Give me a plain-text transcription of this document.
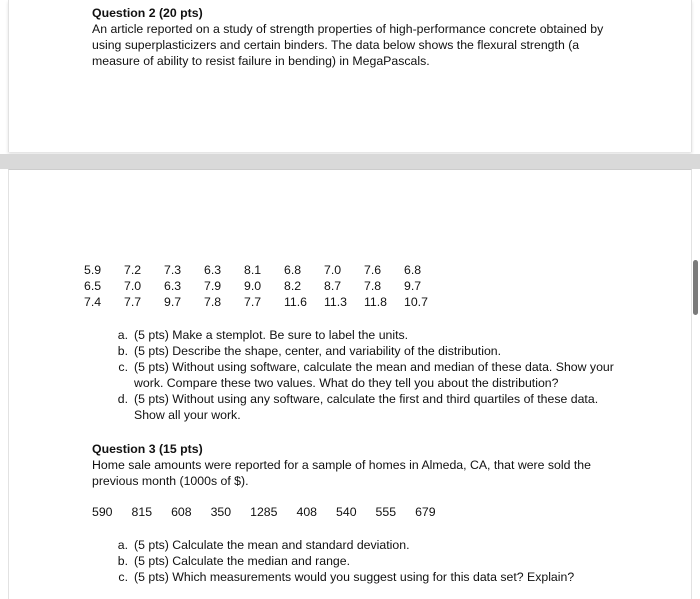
Question 2 (20 pts)
An article reported on a study of strength properties of high-performance concrete obtained by
using superplasticizers and certain binders. The data below shows the flexural strength (a
measure of ability to resist failure in bending) in MegaPascals.
5.9	7.2	7.3	6.3	8.1	6.8	7.0	7.6	6.8
6.5	7.0	6.3	7.9	9.0	8.2	8.7	7.8	9.7
7.4	7.7	9.7	7.8	7.7	11.6	11.3	11.8	10.7
a. (5 pts) Make a stemplot. Be sure to label the units.
b. (5 pts) Describe the shape, center, and variability of the distribution.
c. (5 pts) Without using software, calculate the mean and median of these data. Show your work. Compare these two values. What do they tell you about the distribution?
d. (5 pts) Without using any software, calculate the first and third quartiles of these data. Show all your work.
Question 3 (15 pts)
Home sale amounts were reported for a sample of homes in Almeda, CA, that were sold the
previous month (1000s of $).
590 815 608 350 1285 408 540 555 679
a. (5 pts) Calculate the mean and standard deviation.
b. (5 pts) Calculate the median and range.
c. (5 pts) Which measurements would you suggest using for this data set? Explain?
